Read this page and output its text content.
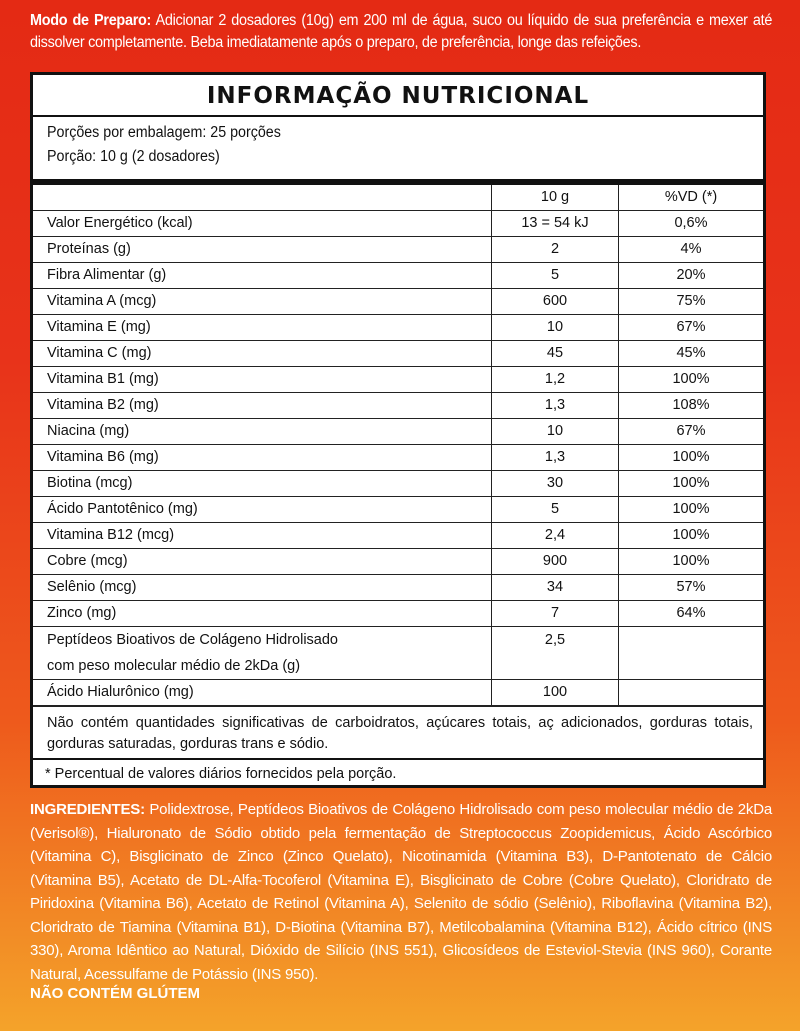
Modo de Preparo: Adicionar 2 dosadores (10g) em 200 ml de água, suco ou líquido de sua preferência e mexer até dissolver completamente. Beba imediatamente após o preparo, de preferência, longe das refeições.
INFORMAÇÃO NUTRICIONAL
Porções por embalagem: 25 porções
Porção: 10 g (2 dosadores)
	10 g	%VD (*)
Valor Energético (kcal)	13 = 54 kJ	0,6%
Proteínas (g)	2	4%
Fibra Alimentar (g)	5	20%
Vitamina A (mcg)	600	75%
Vitamina E (mg)	10	67%
Vitamina C (mg)	45	45%
Vitamina B1 (mg)	1,2	100%
Vitamina B2 (mg)	1,3	108%
Niacina (mg)	10	67%
Vitamina B6 (mg)	1,3	100%
Biotina (mcg)	30	100%
Ácido Pantotênico (mg)	5	100%
Vitamina B12 (mcg)	2,4	100%
Cobre (mcg)	900	100%
Selênio (mcg)	34	57%
Zinco (mg)	7	64%

Peptídeos Bioativos de Colágeno Hidrolisado
com peso molecular médio de 2kDa (g)	2,5	
Ácido Hialurônico (mg)	100	
Não contém quantidades significativas de carboidratos, açúcares totais, aç adicionados, gorduras totais, gorduras saturadas, gorduras trans e sódio.
* Percentual de valores diários fornecidos pela porção.
INGREDIENTES: Polidextrose, Peptídeos Bioativos de Colágeno Hidrolisado com peso molecular médio de 2kDa (Verisol®), Hialuronato de Sódio obtido pela fermentação de Streptococcus Zoopidemicus, Ácido Ascórbico (Vitamina C), Bisglicinato de Zinco (Zinco Quelato), Nicotinamida (Vitamina B3), D-Pantotenato de Cálcio (Vitamina B5), Acetato de DL-Alfa-Tocoferol (Vitamina E), Bisglicinato de Cobre (Cobre Quelato), Cloridrato de Piridoxina (Vitamina B6), Acetato de Retinol (Vitamina A), Selenito de sódio (Selênio), Riboflavina (Vitamina B2), Cloridrato de Tiamina (Vitamina B1), D-Biotina (Vitamina B7), Metilcobalamina (Vitamina B12), Ácido cítrico (INS 330), Aroma Idêntico ao Natural, Dióxido de Silício (INS 551), Glicosídeos de Esteviol-Stevia (INS 960), Corante Natural, Acessulfame de Potássio (INS 950).
NÃO CONTÉM GLÚTEM
